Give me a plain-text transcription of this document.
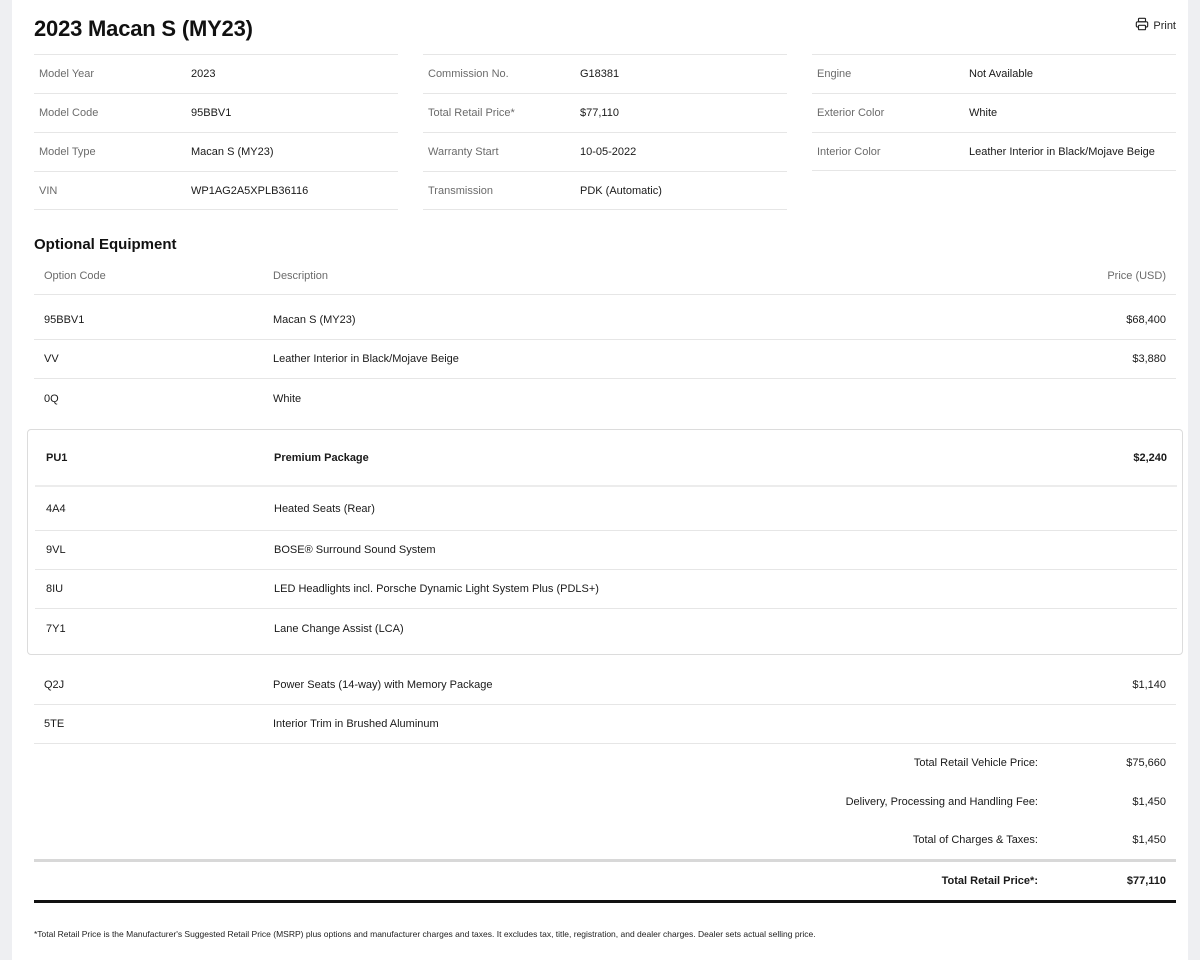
2023 Macan S (MY23)	Print
Model Year	2023
Model Code	95BBV1
Model Type	Macan S (MY23)
VIN	WP1AG2A5XPLB36116
Commission No.	G18381
Total Retail Price*	$77,110
Warranty Start	10-05-2022
Transmission	PDK (Automatic)
Engine	Not Available
Exterior Color	White
Interior Color	Leather Interior in Black/Mojave Beige
Optional Equipment
Option Code	Description	Price (USD)
95BBV1	Macan S (MY23)	$68,400
VV	Leather Interior in Black/Mojave Beige	$3,880
0Q	White
PU1	Premium Package	$2,240
4A4	Heated Seats (Rear)
9VL	BOSE® Surround Sound System
8IU	LED Headlights incl. Porsche Dynamic Light System Plus (PDLS+)
7Y1	Lane Change Assist (LCA)
Q2J	Power Seats (14-way) with Memory Package	$1,140
5TE	Interior Trim in Brushed Aluminum
Total Retail Vehicle Price:	$75,660
Delivery, Processing and Handling Fee:	$1,450
Total of Charges & Taxes:	$1,450
Total Retail Price*:	$77,110

*Total Retail Price is the Manufacturer's Suggested Retail Price (MSRP) plus options and manufacturer charges and taxes. It excludes tax, title, registration, and dealer charges. Dealer sets actual selling price.
